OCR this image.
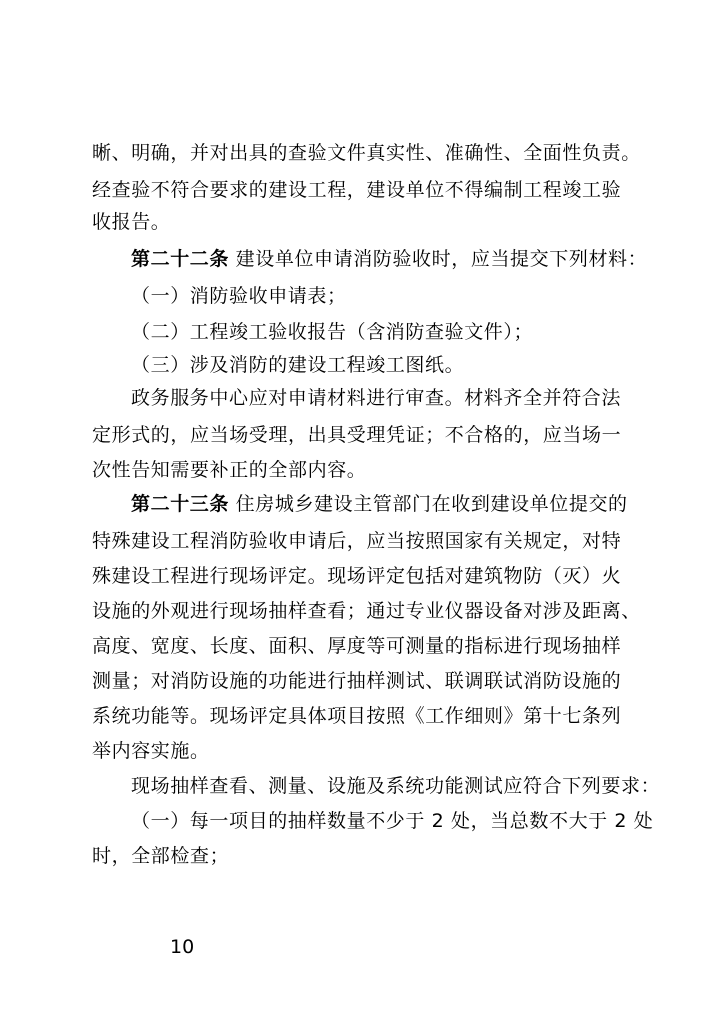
晰、明确，并对出具的查验文件真实性、准确性、全面性负责。
经查验不符合要求的建设工程，建设单位不得编制工程竣工验
收报告。
第二十二条 建设单位申请消防验收时，应当提交下列材料：
（一）消防验收申请表；
（二）工程竣工验收报告（含消防查验文件）；
（三）涉及消防的建设工程竣工图纸。
政务服务中心应对申请材料进行审查。材料齐全并符合法
定形式的，应当场受理，出具受理凭证；不合格的，应当场一
次性告知需要补正的全部内容。
第二十三条 住房城乡建设主管部门在收到建设单位提交的
特殊建设工程消防验收申请后，应当按照国家有关规定，对特
殊建设工程进行现场评定。现场评定包括对建筑物防（灭）火
设施的外观进行现场抽样查看；通过专业仪器设备对涉及距离、
高度、宽度、长度、面积、厚度等可测量的指标进行现场抽样
测量；对消防设施的功能进行抽样测试、联调联试消防设施的
系统功能等。现场评定具体项目按照《工作细则》第十七条列
举内容实施。
现场抽样查看、测量、设施及系统功能测试应符合下列要求：
（一）每一项目的抽样数量不少于 2 处，当总数不大于 2 处
时，全部检查；
10
